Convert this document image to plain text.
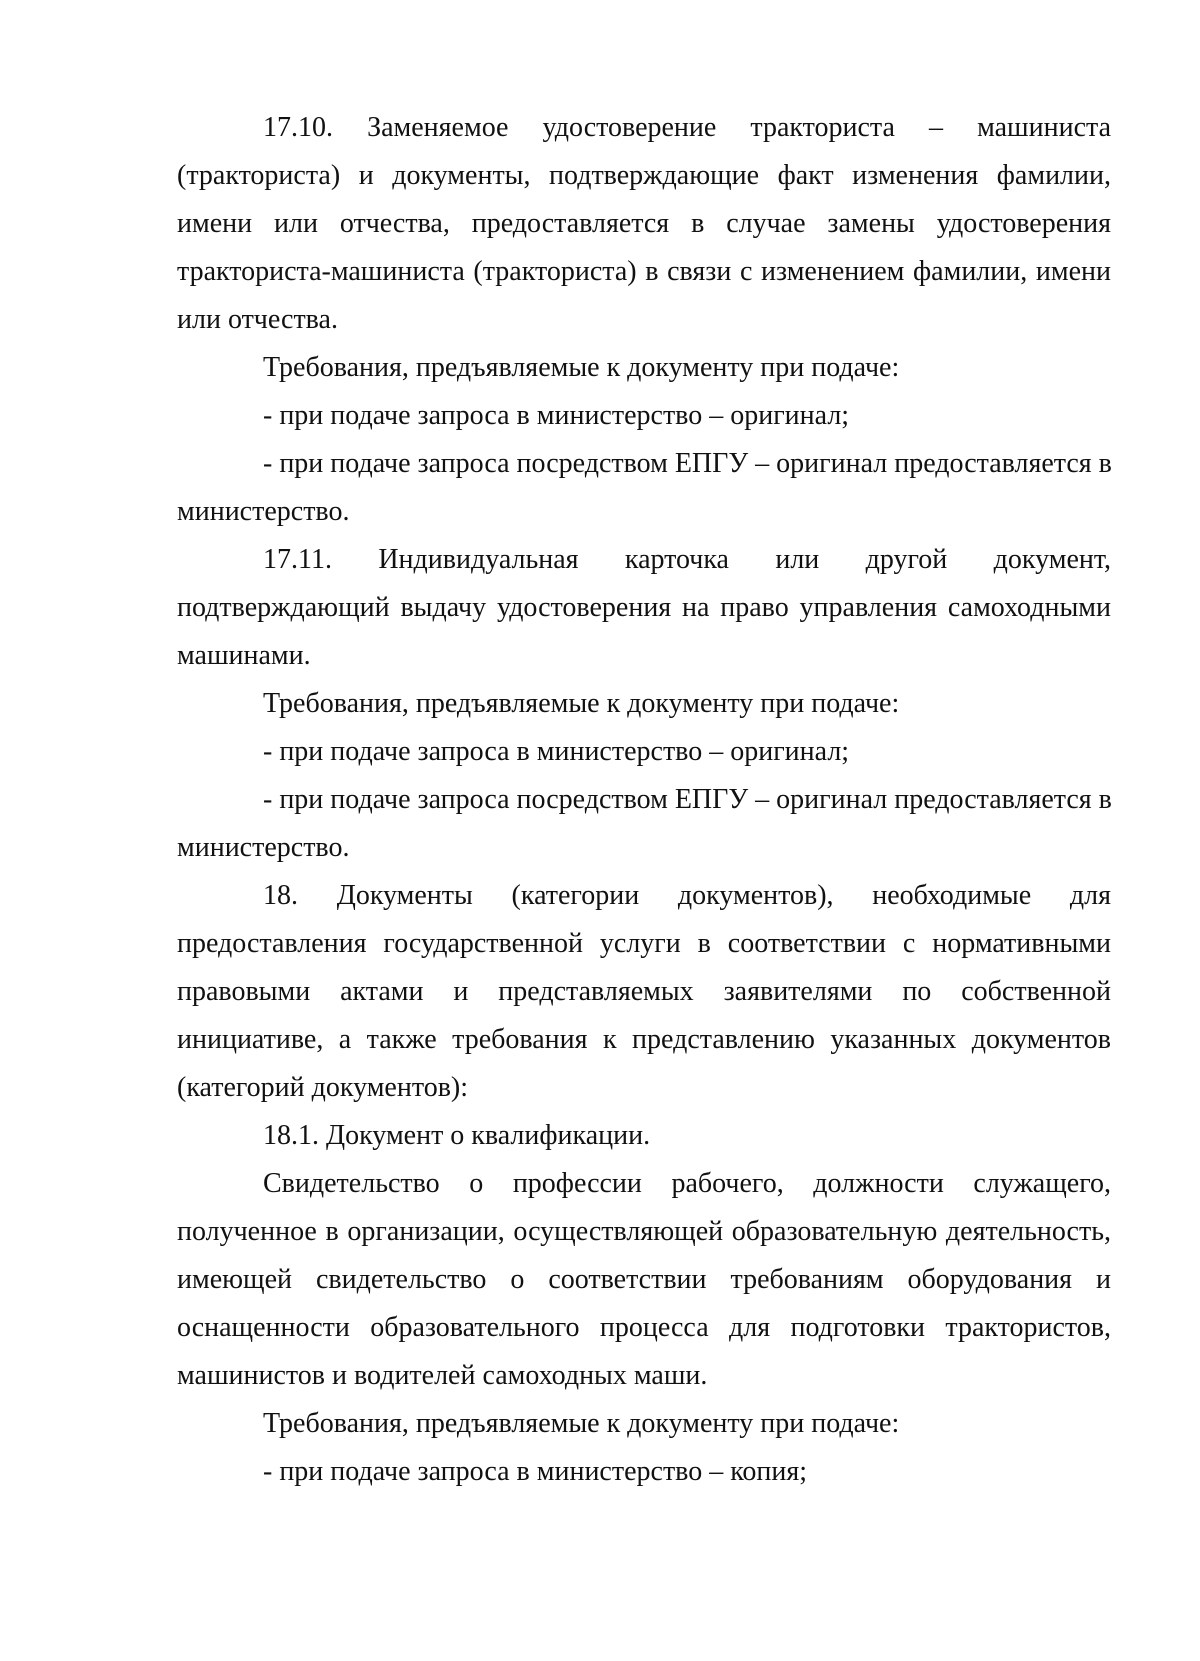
17.10. Заменяемое удостоверение тракториста – машиниста
(тракториста) и документы, подтверждающие факт изменения фамилии,
имени или отчества, предоставляется в случае замены удостоверения
тракториста-машиниста (тракториста) в связи с изменением фамилии, имени
или отчества.
Требования, предъявляемые к документу при подаче:
- при подаче запроса в министерство – оригинал;
- при подаче запроса посредством ЕПГУ – оригинал предоставляется в
министерство.
17.11. Индивидуальная карточка или другой документ,
подтверждающий выдачу удостоверения на право управления самоходными
машинами.
Требования, предъявляемые к документу при подаче:
- при подаче запроса в министерство – оригинал;
- при подаче запроса посредством ЕПГУ – оригинал предоставляется в
министерство.
18. Документы (категории документов), необходимые для
предоставления государственной услуги в соответствии с нормативными
правовыми актами и представляемых заявителями по собственной
инициативе, а также требования к представлению указанных документов
(категорий документов):
18.1. Документ о квалификации.
Свидетельство о профессии рабочего, должности служащего,
полученное в организации, осуществляющей образовательную деятельность,
имеющей свидетельство о соответствии требованиям оборудования и
оснащенности образовательного процесса для подготовки трактористов,
машинистов и водителей самоходных маши.
Требования, предъявляемые к документу при подаче:
- при подаче запроса в министерство – копия;
